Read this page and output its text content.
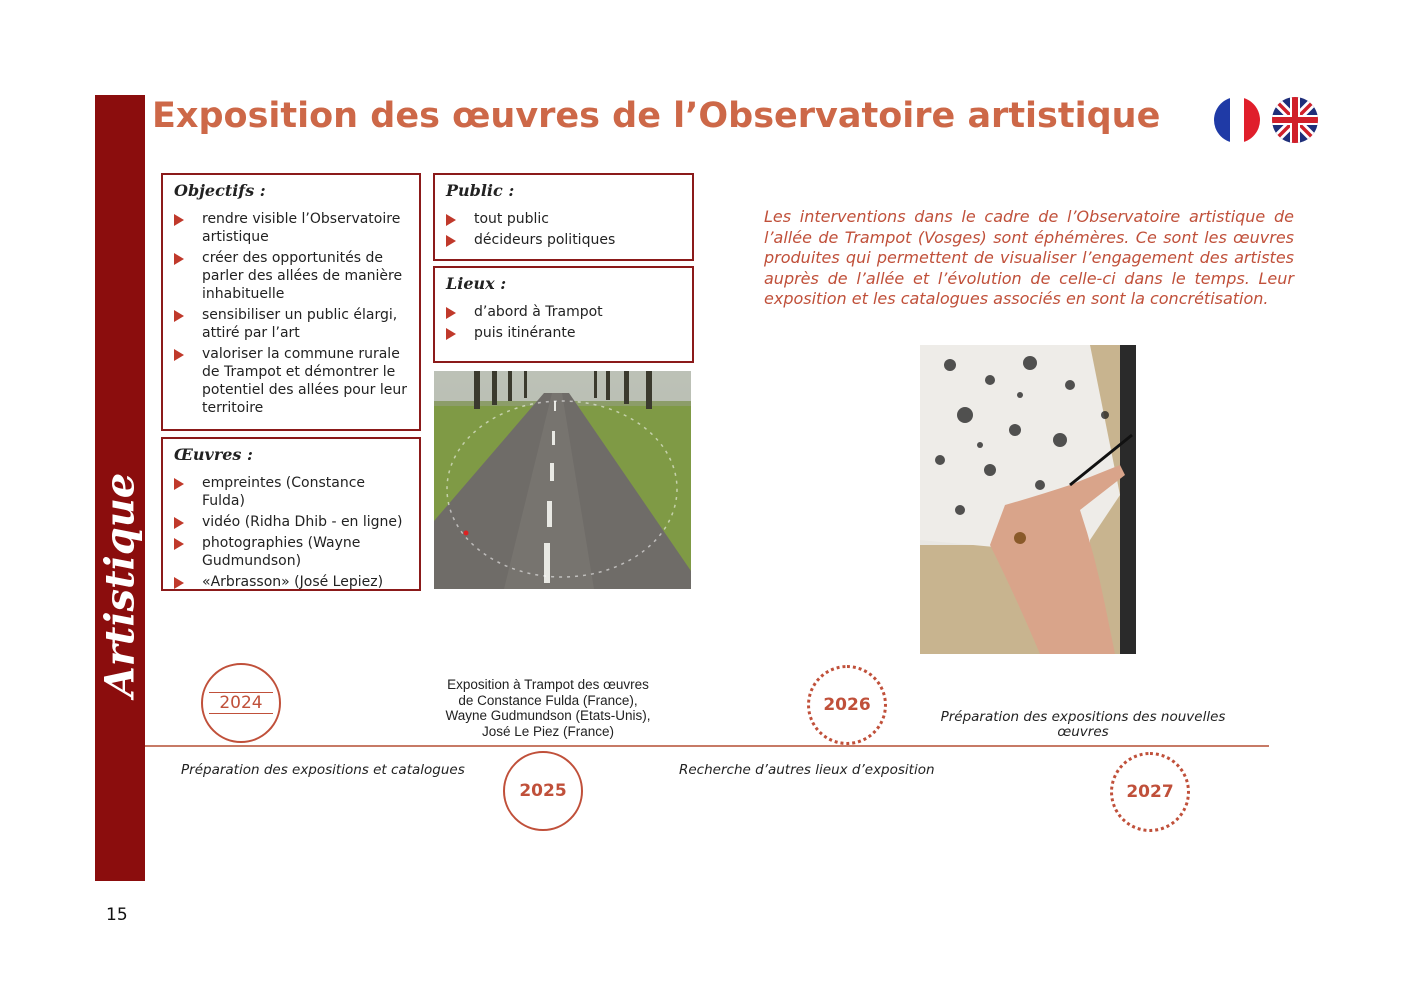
Artistique
Exposition des œuvres de l’Observatoire artistique
Objectifs :
rendre visible l’Observatoire artistique
créer des opportunités de parler des allées de manière inhabituelle
sensibiliser un public élargi, attiré par l’art
valoriser la commune rurale de Trampot et démontrer le potentiel des allées pour leur territoire
Œuvres :
empreintes (Constance Fulda)
vidéo (Ridha Dhib - en ligne)
photographies (Wayne Gudmundson)
«Arbrasson» (José Lepiez)
Public :
tout public
décideurs politiques
Lieux :
d’abord à Trampot
puis itinérante
Les interventions dans le cadre de l’Observatoire artistique de l’allée de Trampot (Vosges) sont éphémères. Ce sont les œuvres produites qui permettent de visualiser l’engagement des artistes auprès de l’allée et l’évolution de celle-ci dans le temps. Leur exposition et les catalogues associés en sont la concrétisation.
2024
2025
2026
2027
Préparation des expositions et catalogues
Exposition à Trampot des œuvres de Constance Fulda (France), Wayne Gudmundson (Etats-Unis), José Le Piez (France)
Recherche d’autres lieux d’exposition
Préparation des expositions des nouvelles œuvres
15
